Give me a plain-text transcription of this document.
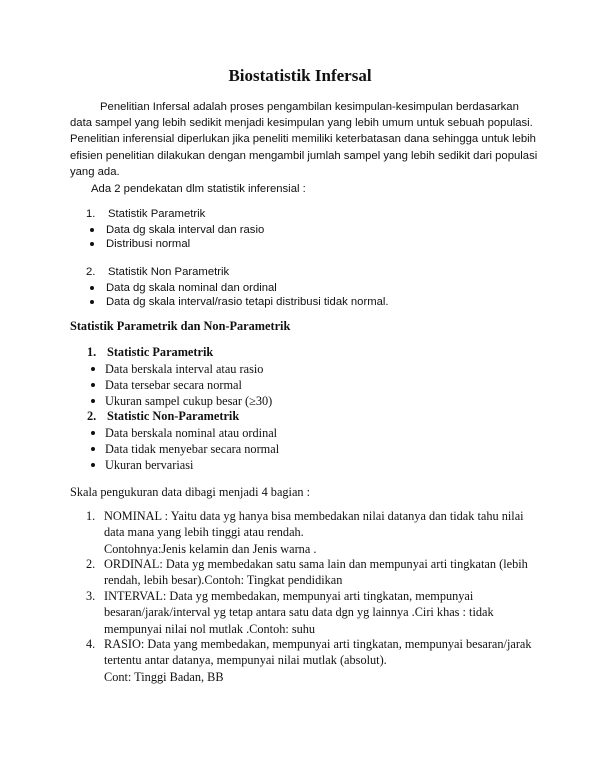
Biostatistik Infersal
Penelitian Infersal adalah proses pengambilan kesimpulan-kesimpulan berdasarkan
data sampel yang lebih sedikit menjadi kesimpulan yang lebih umum untuk sebuah populasi. Penelitian inferensial diperlukan jika peneliti memiliki keterbatasan dana sehingga untuk lebih efisien penelitian dilakukan dengan mengambil jumlah sampel yang lebih sedikit dari populasi yang ada.
Ada 2 pendekatan dlm statistik inferensial :
1. Statistik Parametrik
Data dg skala interval dan rasio
Distribusi normal
2. Statistik Non Parametrik
Data dg skala nominal dan ordinal
Data dg skala interval/rasio tetapi distribusi tidak normal.
Statistik Parametrik dan Non-Parametrik
1. Statistic Parametrik
Data berskala interval atau rasio
Data tersebar secara normal
Ukuran sampel cukup besar (≥30)
2. Statistic Non-Parametrik
Data berskala nominal atau ordinal
Data tidak menyebar secara normal
Ukuran bervariasi
Skala pengukuran data dibagi menjadi 4 bagian :
1. NOMINAL : Yaitu data yg hanya bisa membedakan nilai datanya dan tidak tahu nilai
data mana yang lebih tinggi atau rendah.
Contohnya:Jenis kelamin dan Jenis warna .
2. ORDINAL: Data yg membedakan satu sama lain dan mempunyai arti tingkatan (lebih
rendah, lebih besar).Contoh: Tingkat pendidikan
3. INTERVAL: Data yg membedakan, mempunyai arti tingkatan, mempunyai
besaran/jarak/interval yg tetap antara satu data dgn yg lainnya .Ciri khas : tidak
mempunyai nilai nol mutlak .Contoh: suhu
4. RASIO: Data yang membedakan, mempunyai arti tingkatan, mempunyai besaran/jarak
tertentu antar datanya, mempunyai nilai mutlak (absolut).
Cont: Tinggi Badan, BB
